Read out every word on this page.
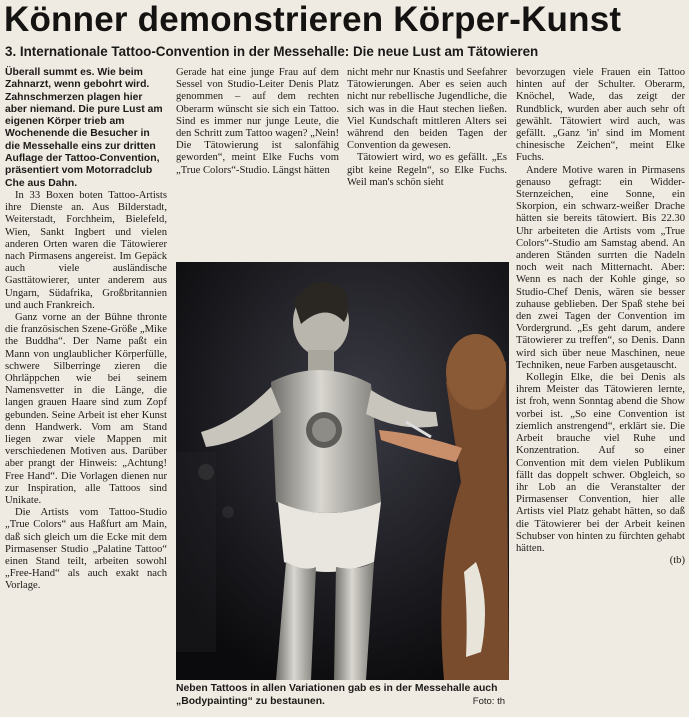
Könner demonstrieren Körper-Kunst
3. Internationale Tattoo-Convention in der Messehalle: Die neue Lust am Tätowieren

Überall summt es. Wie beim Zahnarzt, wenn gebohrt wird. Zahnschmerzen plagen hier aber niemand. Die pure Lust am eigenen Körper trieb am Wochenende die Besucher in die Messehalle eins zur dritten Auflage der Tattoo-Convention, präsentiert vom Motorradclub Che aus Dahn.

In 33 Boxen boten Tattoo-Artists ihre Dienste an. Aus Bilderstadt, Weiterstadt, Forchheim, Bielefeld, Wien, Sankt Ingbert und vielen anderen Orten waren die Tätowierer nach Pirmasens angereist. Im Gepäck auch viele ausländische Gasttätowierer, unter anderem aus Ungarn, Südafrika, Großbritannien und auch Frankreich.

Ganz vorne an der Bühne thronte die französischen Szene-Größe „Mike the Buddha“. Der Name paßt ein Mann von unglaublicher Körperfülle, schwere Silberringe zieren die Ohrläppchen wie bei seinem Namensvetter in die Länge, die langen grauen Haare sind zum Zopf gebunden. Seine Arbeit ist eher Kunst denn Handwerk. Vom am Stand liegen zwar viele Mappen mit verschiedenen Motiven aus. Darüber aber prangt der Hinweis: „Achtung! Free Hand“. Die Vorlagen dienen nur zur Inspiration, alle Tattoos sind Unikate.

Die Artists vom Tattoo-Studio „True Colors“ aus Haßfurt am Main, daß sich gleich um die Ecke mit dem Pirmasenser Studio „Palatine Tattoo“ einen Stand teilt, arbeiten sowohl „Free-Hand“ als auch exakt nach Vorlage.

Gerade hat eine junge Frau auf dem Sessel von Studio-Leiter Denis Platz genommen – auf dem rechten Oberarm wünscht sie sich ein Tattoo. Sind es immer nur junge Leute, die den Schritt zum Tattoo wagen? „Nein! Die Tätowierung ist salonfähig geworden“, meint Elke Fuchs vom „True Colors“-Studio. Längst hätten

nicht mehr nur Knastis und Seefahrer Tätowierungen. Aber es seien auch nicht nur rebellische Jugendliche, die sich was in die Haut stechen ließen. Viel Kundschaft mittleren Alters sei während den beiden Tagen der Convention da gewesen.

Tätowiert wird, wo es gefällt. „Es gibt keine Regeln“, so Elke Fuchs. Weil man's schön sieht

bevorzugen viele Frauen ein Tattoo hinten auf der Schulter. Oberarm, Knöchel, Wade, das zeigt der Rundblick, wurden aber auch sehr oft gewählt. Tätowiert wird auch, was gefällt. „Ganz 'in' sind im Moment chinesische Zeichen“, meint Elke Fuchs.

Andere Motive waren in Pirmasens genauso gefragt: ein Widder-Sternzeichen, eine Sonne, ein Skorpion, ein schwarz-weißer Drache hätten sie bereits tätowiert. Bis 22.30 Uhr arbeiteten die Artists vom „True Colors“-Studio am Samstag abend. An anderen Ständen surrten die Nadeln noch weit nach Mitternacht. Aber: Wenn es nach der Kohle ginge, so Studio-Chef Denis, wären sie besser zuhause geblieben. Der Spaß stehe bei den zwei Tagen der Convention im Vordergrund. „Es geht darum, andere Tätowierer zu treffen“, so Denis. Dann wird sich über neue Maschinen, neue Techniken, neue Farben ausgetauscht.

Kollegin Elke, die bei Denis als ihrem Meister das Tätowieren lernte, ist froh, wenn Sonntag abend die Show vorbei ist. „So eine Convention ist ziemlich anstrengend“, erklärt sie. Die Arbeit brauche viel Ruhe und Konzentration. Auf so einer Convention mit dem vielen Publikum fällt das doppelt schwer. Obgleich, so ihr Lob an die Veranstalter der Pirmasenser Convention, hier alle Artists viel Platz gehabt hätten, so daß die Tätowierer bei der Arbeit keinen Schubser von hinten zu fürchten gehabt hätten.

(tb)

Neben Tattoos in allen Variationen gab es in der Messehalle auch „Bodypainting“ zu bestaunen.	Foto: th
